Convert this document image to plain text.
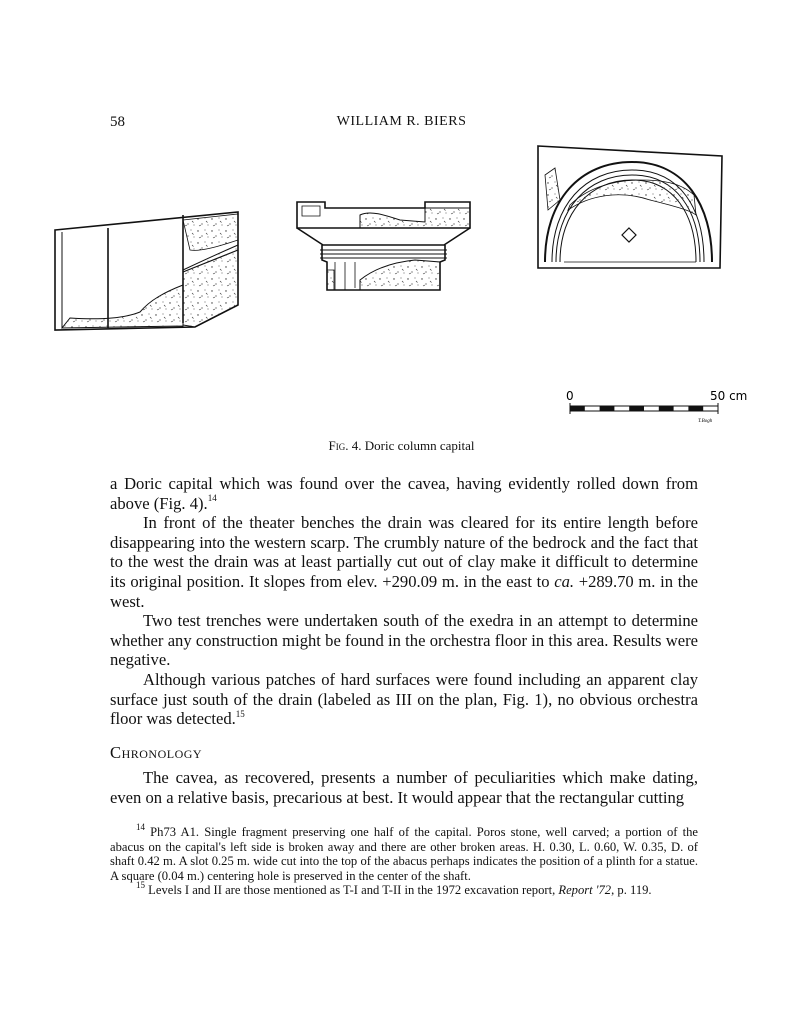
58	WILLIAM R. BIERS
0	50 cm
T.Bogh
Fig. 4. Doric column capital

a Doric capital which was found over the cavea, having evidently rolled down from above (Fig. 4).$^{14}$

In front of the theater benches the drain was cleared for its entire length before disappearing into the western scarp. The crumbly nature of the bedrock and the fact that to the west the drain was at least partially cut out of clay make it difficult to determine its original position. It slopes from elev. +290.09 m. in the east to ca. +289.70 m. in the west.

Two test trenches were undertaken south of the exedra in an attempt to determine whether any construction might be found in the orchestra floor in this area. Results were negative.

Although various patches of hard surfaces were found including an apparent clay surface just south of the drain (labeled as III on the plan, Fig. 1), no obvious orchestra floor was detected.$^{15}$

Chronology

The cavea, as recovered, presents a number of peculiarities which make dating, even on a relative basis, precarious at best. It would appear that the rectangular cutting

$^{14}$ Ph73 A1. Single fragment preserving one half of the capital. Poros stone, well carved; a portion of the abacus on the capital's left side is broken away and there are other broken areas. H. 0.30, L. 0.60, W. 0.35, D. of shaft 0.42 m. A slot 0.25 m. wide cut into the top of the abacus perhaps indicates the position of a plinth for a statue. A square (0.04 m.) centering hole is preserved in the center of the shaft.

$^{15}$ Levels I and II are those mentioned as T-I and T-II in the 1972 excavation report, Report '72, p. 119.
